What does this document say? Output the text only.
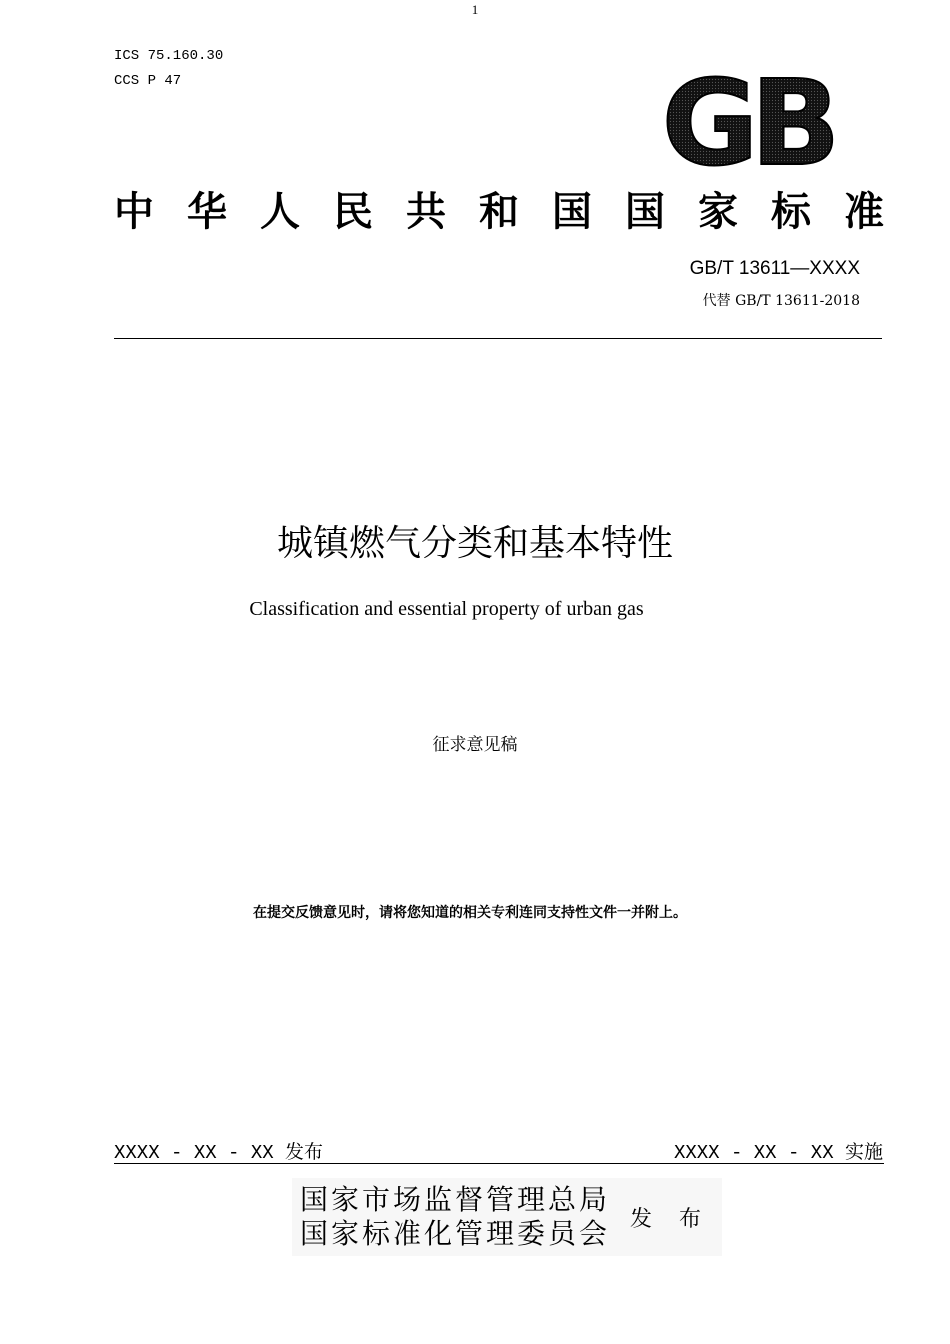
1
ICS 75.160.30
CCS P 47	GB
中 华 人 民 共 和 国 国 家 标 准
GB/T 13611—XXXX
代替 GB/T 13611-2018
城镇燃气分类和基本特性
Classification and essential property of urban gas
征求意见稿
在提交反馈意见时，请将您知道的相关专利连同支持性文件一并附上。
XXXX - XX - XX 发布	XXXX - XX - XX 实施
国家市场监督管理总局
国家标准化管理委员会 发 布
